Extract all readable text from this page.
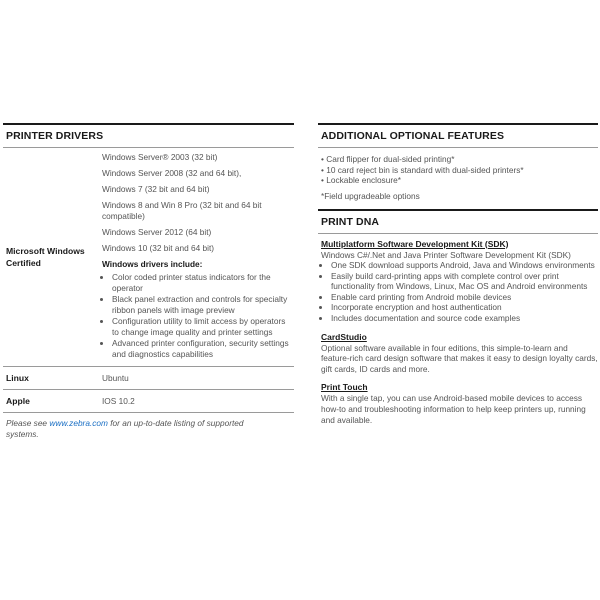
PRINTER DRIVERS
Microsoft Windows Certified
Windows Server® 2003 (32 bit)
Windows Server 2008 (32 and 64 bit),
Windows 7 (32 bit and 64 bit)
Windows 8 and Win 8 Pro (32 bit and 64 bit compatible)
Windows Server 2012 (64 bit)
Windows 10 (32 bit and 64 bit)
Windows drivers include:
• Color coded printer status indicators for the operator
• Black panel extraction and controls for specialty ribbon panels with image preview
• Configuration utility to limit access by operators to change image quality and printer settings
• Advanced printer configuration, security settings and diagnostics capabilities
Linux	Ubuntu
Apple	IOS 10.2
Please see www.zebra.com for an up-to-date listing of supported systems.
ADDITIONAL OPTIONAL FEATURES
• Card flipper for dual-sided printing*
• 10 card reject bin is standard with dual-sided printers*
• Lockable enclosure*
*Field upgradeable options
PRINT DNA
Multiplatform Software Development Kit (SDK)

Windows C#/.Net and Java Printer Software Development Kit (SDK)

• One SDK download supports Android, Java and Windows environments
• Easily build card-printing apps with complete control over print functionality from Windows, Linux, Mac OS and Android environments
• Enable card printing from Android mobile devices
• Incorporate encryption and host authentication
• Includes documentation and source code examples
CardStudio

Optional software available in four editions, this simple-to-learn and feature-rich card design software that makes it easy to design loyalty cards, gift cards, ID cards and more.

Print Touch

With a single tap, you can use Android-based mobile devices to access how-to and troubleshooting information to help keep printers up, running and available.
